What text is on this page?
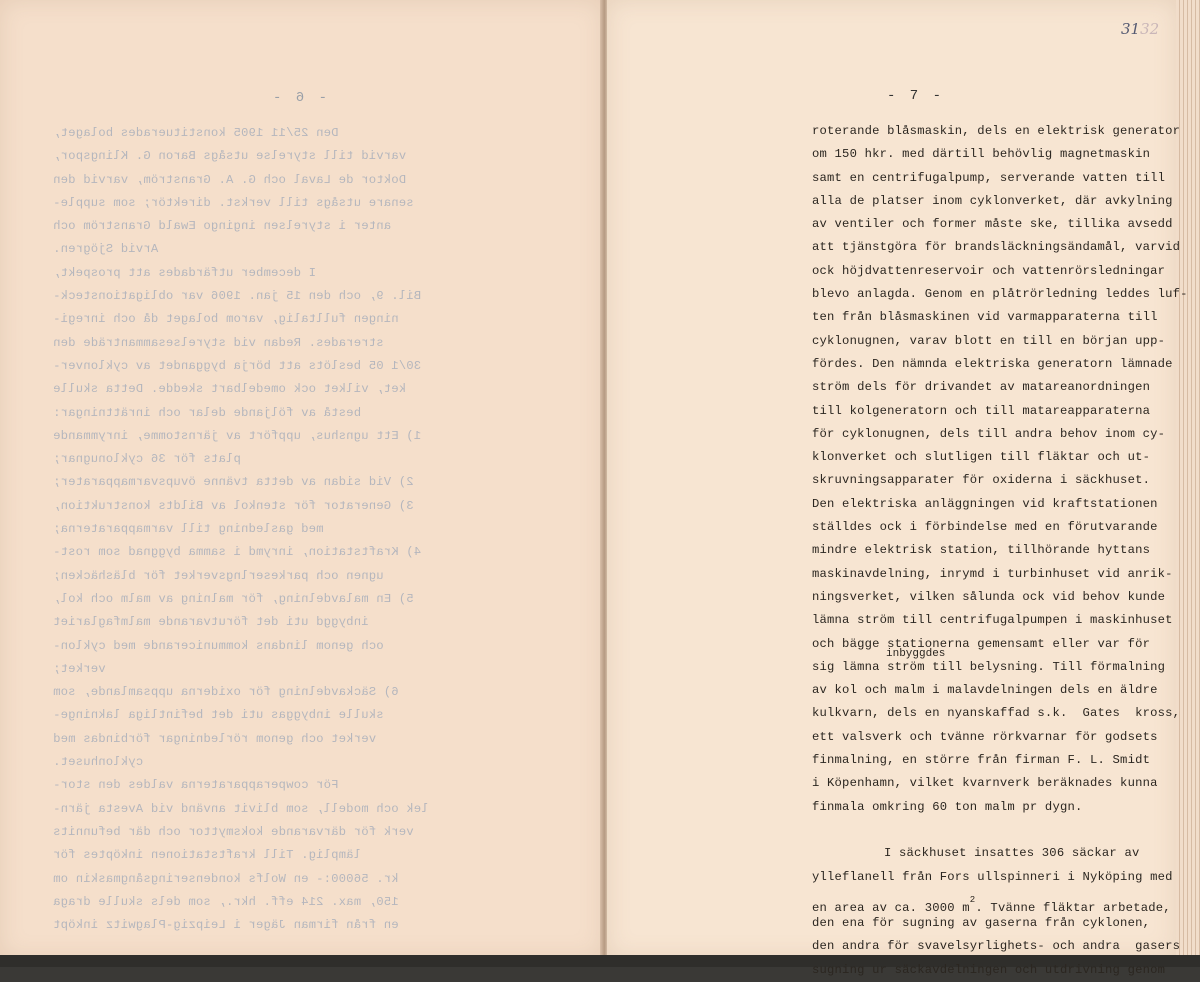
- 6 -
Den 25/11 1905 konstituerades bolaget,
varvid till styrelse utsågs Baron G. Klingspor,
Doktor de Laval och G. A. Granström, varvid den
senare utsågs till verkst. direktör; som supple-
anter i styrelsen ingingo Ewald Granström och
Arvid Sjögren.
I december utfärdades att prospekt,
Bil. 9, och den 15 jan. 1906 var obligationsteck-
ningen fulltalig, varom bolaget då och inregi-
strerades. Redan vid styrelsesammanträde den
30/1 05 beslöts att börja byggandet av cyklonver-
ket, vilket ock omedelbart skedde. Detta skulle
bestå av följande delar och inrättningar:
1) Ett ugnshus, uppfört av järnstomme, inrymmande
plats för 36 cyklonugnar;
2) Vid sidan av detta tvänne övupsvarmapparater;
3) Generator för stenkol av Bildts konstruktion,
med gasledning till varmapparaterna;
4) Kraftstation, inrymd i samma byggnad som rost-
ugnen och parkeserlngsverket för bläshäcken;
5) En malavdelning, för malning av malm och kol,
inbyggd uti det förutvarande malmfaglariet
och genom lindans kommunicerande med cyklon-
verket;
6) Säckavdelning för oxiderna uppsamlande, som
skulle inbyggas uti det befintliga lakninge-
verket och genom rörledningar förbindas med
cyklonhuset.
För cowperapparaterna valdes den stor-
lek och modell, som blivit använd vid Avesta järn-
verk för därvarande koksmyttor och där befunnits
lämplig. Till kraftstationen inköptes för
kr. 56000:- en Wolfs kondenseringsångmaskin om
150, max. 214 eff. hkr., som dels skulle draga
en från firman Jäger i Leipzig-Plagwitz inköpt
3132
- 7 -
roterande blåsmaskin, dels en elektrisk generator
om 150 hkr. med därtill behövlig magnetmaskin
samt en centrifugalpump, serverande vatten till
alla de platser inom cyklonverket, där avkylning
av ventiler och former måste ske, tillika avsedd
att tjänstgöra för brandsläckningsändamål, varvid
ock höjdvattenreservoir och vattenrörsledningar
blevo anlagda. Genom en plåtrörledning leddes luf-
ten från blåsmaskinen vid varmapparaterna till
cyklonugnen, varav blott en till en början upp-
fördes. Den nämnda elektriska generatorn lämnade
ström dels för drivandet av matareanordningen
till kolgeneratorn och till matareapparaterna
för cyklonugnen, dels till andra behov inom cy-
klonverket och slutligen till fläktar och ut-
skruvningsapparater för oxiderna i säckhuset.
Den elektriska anläggningen vid kraftstationen
ställdes ock i förbindelse med en förutvarande
mindre elektrisk station, tillhörande hyttans
maskinavdelning, inrymd i turbinhuset vid anrik-
ningsverket, vilken sålunda ock vid behov kunde
lämna ström till centrifugalpumpen i maskinhuset
och bägge stationerna gemensamt eller var för
sig lämna ström till belysning. Till förmalning
av kol och malm i malavdelningen dels en äldre
kulkvarn, dels en nyanskaffad s.k.  Gates  kross,
ett valsverk och tvänne rörkvarnar för godsets
finmalning, en större från firman F. L. Smidt
i Köpenhamn, vilket kvarnverk beräknades kunna
finmala omkring 60 ton malm pr dygn.
I säckhuset insattes 306 säckar av
ylleflanell från Fors ullspinneri i Nyköping med
en area av ca. 3000 $m^2$. Tvänne fläktar arbetade,
den ena för sugning av gaserna från cyklonen,
den andra för svavelsyrlighets- och andra  gasers
sugning ur säckavdelningen och utdrivning genom
inbyggdes
